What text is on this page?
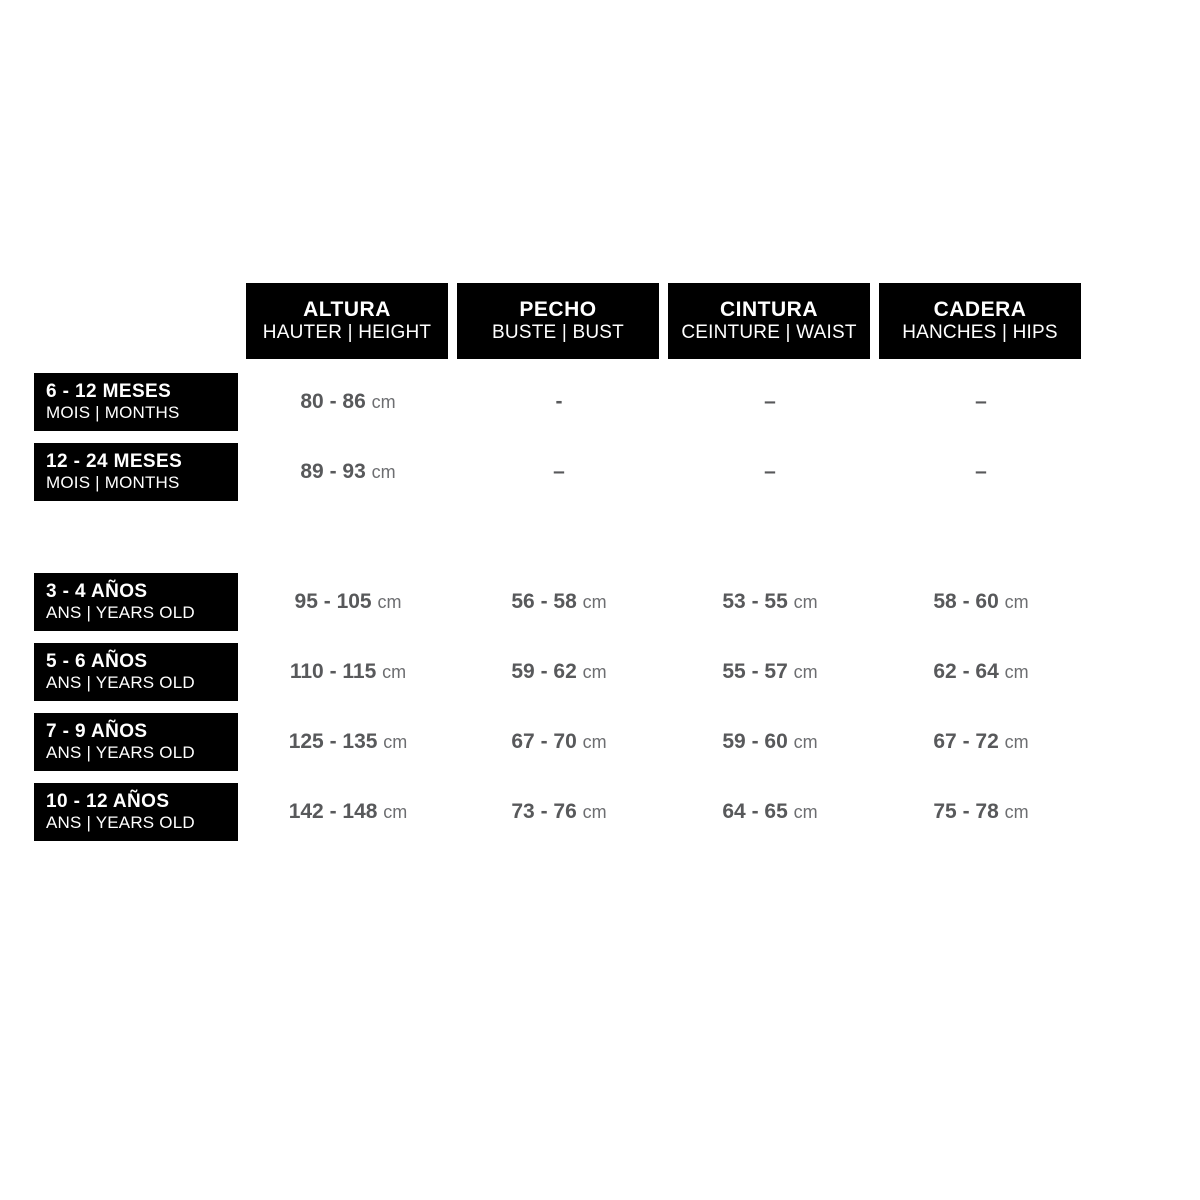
ALTURA
HAUTER | HEIGHT
PECHO
BUSTE | BUST
CINTURA
CEINTURE | WAIST
CADERA
HANCHES | HIPS
6 - 12 MESES
MOIS | MONTHS	80 - 86 cm	-	–	–
12 - 24 MESES
MOIS | MONTHS	89 - 93 cm	–	–	–
3 - 4 AÑOS
ANS | YEARS OLD	95 - 105 cm	56 - 58 cm	53 - 55 cm	58 - 60 cm
5 - 6 AÑOS
ANS | YEARS OLD	110 - 115 cm	59 - 62 cm	55 - 57 cm	62 - 64 cm
7 - 9 AÑOS
ANS | YEARS OLD	125 - 135 cm	67 - 70 cm	59 - 60 cm	67 - 72 cm
10 - 12 AÑOS
ANS | YEARS OLD	142 - 148 cm	73 - 76 cm	64 - 65 cm	75 - 78 cm
